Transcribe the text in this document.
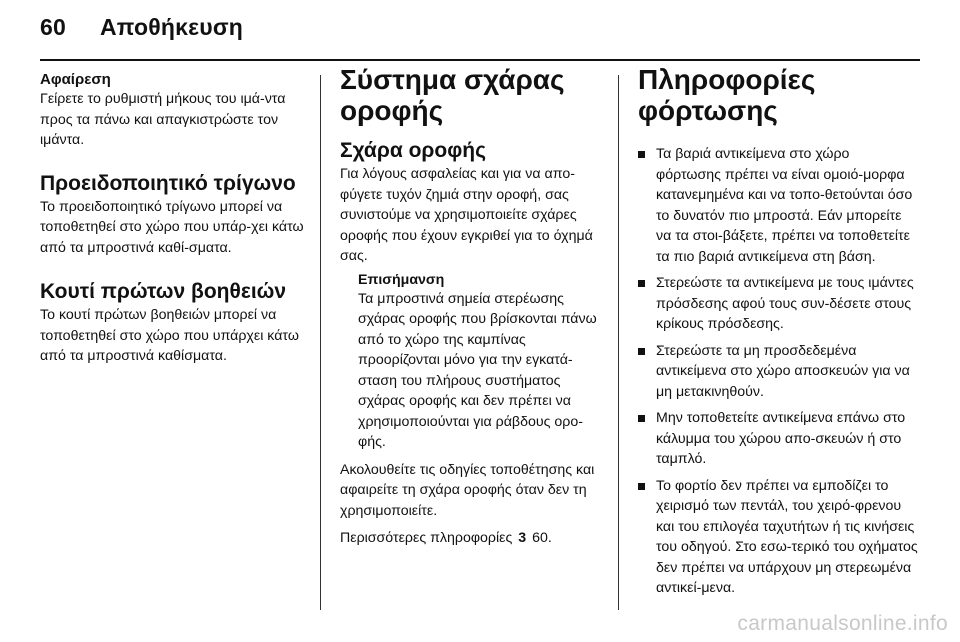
60 Αποθήκευση

Αφαίρεση

Γείρετε το ρυθμιστή μήκους του ιμά-ντα προς τα πάνω και απαγκιστρώστε τον ιμάντα.

Προειδοποιητικό τρίγωνο

Το προειδοποιητικό τρίγωνο μπορεί να τοποθετηθεί στο χώρο που υπάρ-χει κάτω από τα μπροστινά καθί-σματα.

Κουτί πρώτων βοηθειών

Το κουτί πρώτων βοηθειών μπορεί να τοποθετηθεί στο χώρο που υπάρχει κάτω από τα μπροστινά καθίσματα.

Σύστημα σχάρας οροφής
Σχάρα οροφής

Για λόγους ασφαλείας και για να απο-φύγετε τυχόν ζημιά στην οροφή, σας συνιστούμε να χρησιμοποιείτε σχάρες οροφής που έχουν εγκριθεί για το όχημά σας.

Επισήμανση

Τα μπροστινά σημεία στερέωσης σχάρας οροφής που βρίσκονται πάνω από το χώρο της καμπίνας προορίζονται μόνο για την εγκατά-σταση του πλήρους συστήματος σχάρας οροφής και δεν πρέπει να χρησιμοποιούνται για ράβδους ορο-φής.

Ακολουθείτε τις οδηγίες τοποθέτησης και αφαιρείτε τη σχάρα οροφής όταν δεν τη χρησιμοποιείτε.

Περισσότερες πληροφορίες 3 60.

Πληροφορίες φόρτωσης
Τα βαριά αντικείμενα στο χώρο φόρτωσης πρέπει να είναι ομοιό-μορφα κατανεμημένα και να τοπο-θετούνται όσο το δυνατόν πιο μπροστά. Εάν μπορείτε να τα στοι-βάξετε, πρέπει να τοποθετείτε τα πιο βαριά αντικείμενα στη βάση.
Στερεώστε τα αντικείμενα με τους ιμάντες πρόσδεσης αφού τους συν-δέσετε στους κρίκους πρόσδεσης.
Στερεώστε τα μη προσδεδεμένα αντικείμενα στο χώρο αποσκευών για να μη μετακινηθούν.
Μην τοποθετείτε αντικείμενα επάνω στο κάλυμμα του χώρου απο-σκευών ή στο ταμπλό.
Το φορτίο δεν πρέπει να εμποδίζει το χειρισμό των πεντάλ, του χειρό-φρενου και του επιλογέα ταχυτήτων ή τις κινήσεις του οδηγού. Στο εσω-τερικό του οχήματος δεν πρέπει να υπάρχουν μη στερεωμένα αντικεί-μενα.
carmanualsonline.info
